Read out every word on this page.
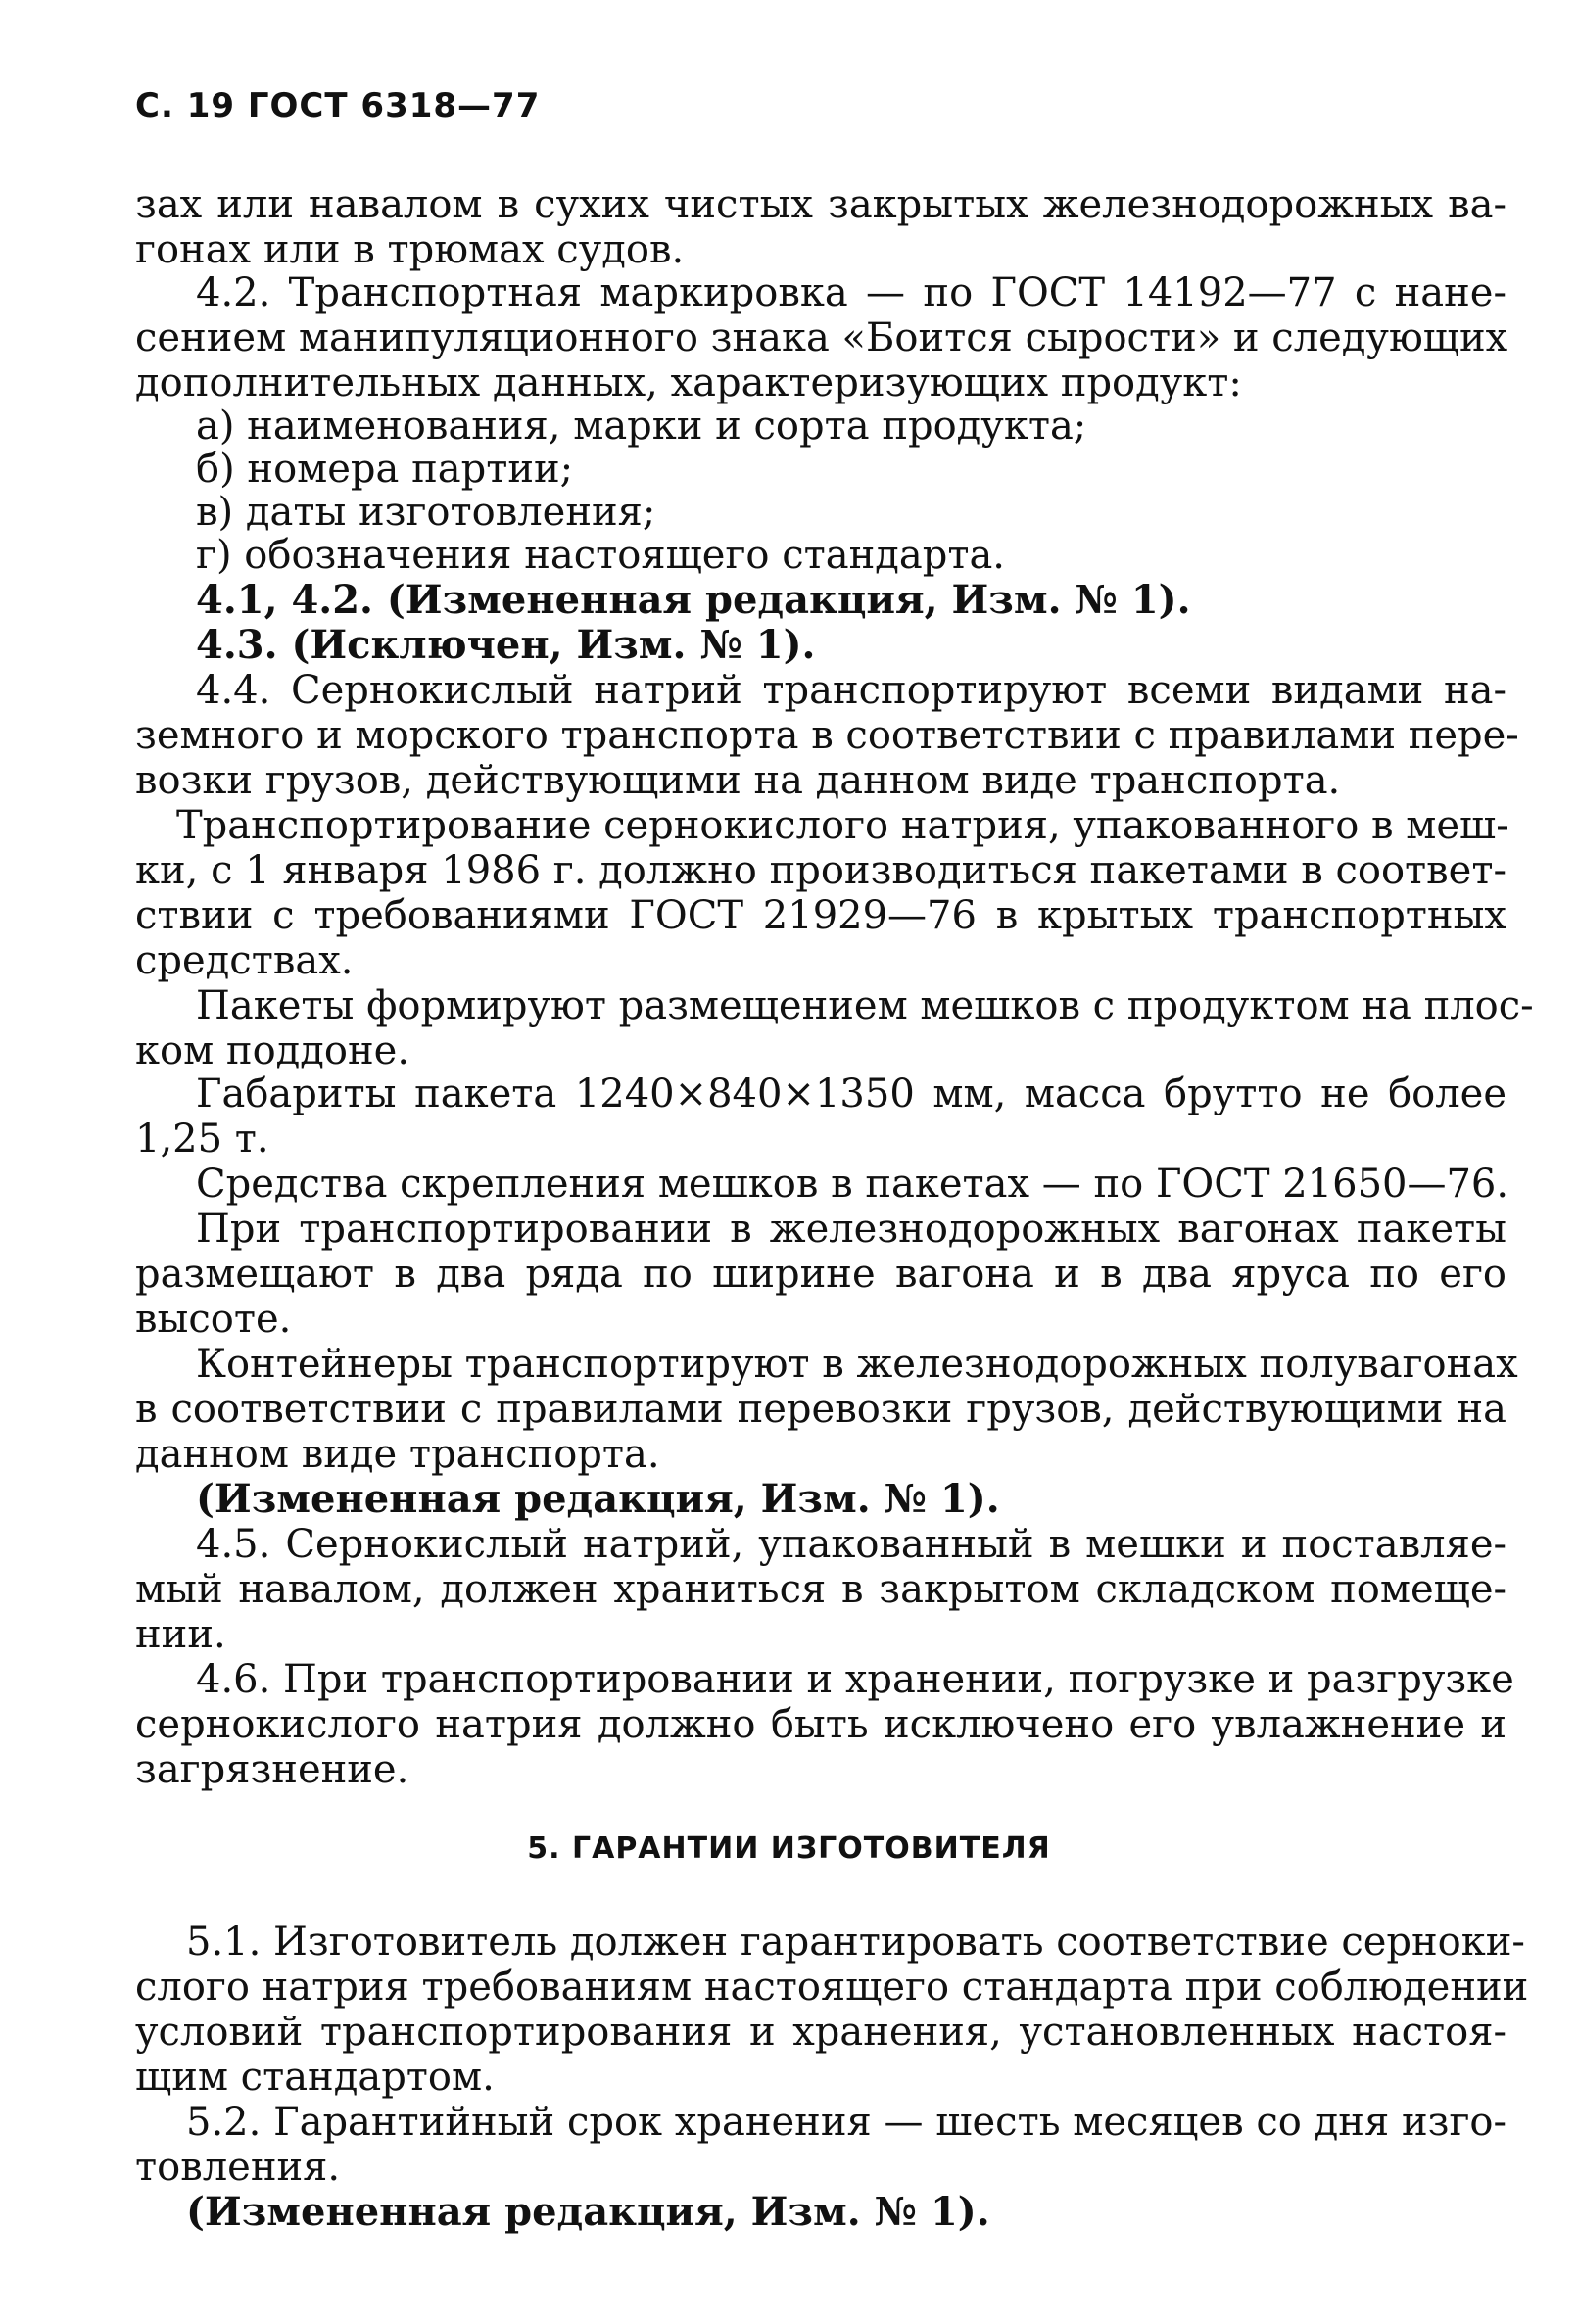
С. 19 ГОСТ 6318—77
зах или навалом в сухих чистых закрытых железнодорожных ва-
гонах или в трюмах судов.
4.2. Транспортная маркировка — по ГОСТ 14192—77 с нане-
сением манипуляционного знака «Боится сырости» и следующих
дополнительных данных, характеризующих продукт:
а) наименования, марки и сорта продукта;
б) номера партии;
в) даты изготовления;
г) обозначения настоящего стандарта.
4.1, 4.2. (Измененная редакция, Изм. № 1).
4.3. (Исключен, Изм. № 1).
4.4. Сернокислый натрий транспортируют всеми видами на-
земного и морского транспорта в соответствии с правилами пере-
возки грузов, действующими на данном виде транспорта.
Транспортирование сернокислого натрия, упакованного в меш-
ки, с 1 января 1986 г. должно производиться пакетами в соответ-
ствии с требованиями ГОСТ 21929—76 в крытых транспортных
средствах.
Пакеты формируют размещением мешков с продуктом на плос-
ком поддоне.
Габариты пакета 1240×840×1350 мм, масса брутто не более
1,25 т.
Средства скрепления мешков в пакетах — по ГОСТ 21650—76.
При транспортировании в железнодорожных вагонах пакеты
размещают в два ряда по ширине вагона и в два яруса по его
высоте.
Контейнеры транспортируют в железнодорожных полувагонах
в соответствии с правилами перевозки грузов, действующими на
данном виде транспорта.
(Измененная редакция, Изм. № 1).
4.5. Сернокислый натрий, упакованный в мешки и поставляе-
мый навалом, должен храниться в закрытом складском помеще-
нии.
4.6. При транспортировании и хранении, погрузке и разгрузке
сернокислого натрия должно быть исключено его увлажнение и
загрязнение.
5. ГАРАНТИИ ИЗГОТОВИТЕЛЯ
5.1. Изготовитель должен гарантировать соответствие серноки-
слого натрия требованиям настоящего стандарта при соблюдении
условий транспортирования и хранения, установленных настоя-
щим стандартом.
5.2. Гарантийный срок хранения — шесть месяцев со дня изго-
товления.
(Измененная редакция, Изм. № 1).
